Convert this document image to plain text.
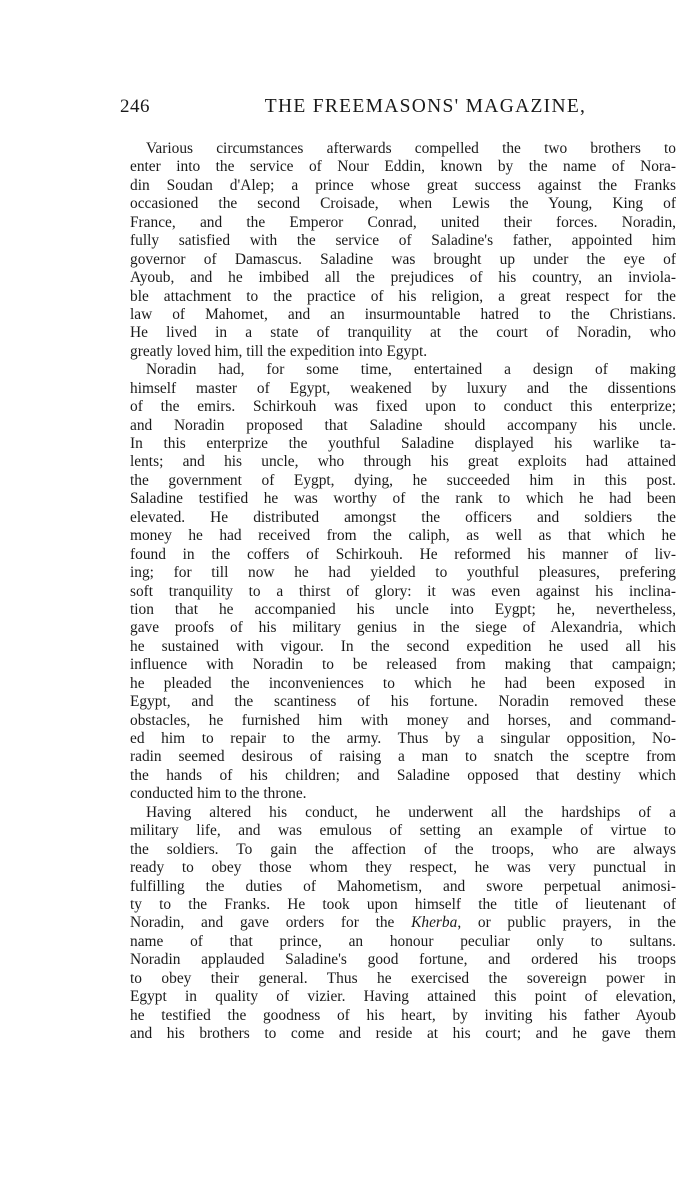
246	THE FREEMASONS' MAGAZINE,
Various circumstances afterwards compelled the two brothers to
enter into the service of Nour Eddin, known by the name of Nora-
din Soudan d'Alep; a prince whose great success against the Franks
occasioned the second Croisade, when Lewis the Young, King of
France, and the Emperor Conrad, united their forces. Noradin,
fully satisfied with the service of Saladine's father, appointed him
governor of Damascus. Saladine was brought up under the eye of
Ayoub, and he imbibed all the prejudices of his country, an inviola-
ble attachment to the practice of his religion, a great respect for the
law of Mahomet, and an insurmountable hatred to the Christians.
He lived in a state of tranquility at the court of Noradin, who
greatly loved him, till the expedition into Egypt.
Noradin had, for some time, entertained a design of making
himself master of Egypt, weakened by luxury and the dissentions
of the emirs. Schirkouh was fixed upon to conduct this enterprize;
and Noradin proposed that Saladine should accompany his uncle.
In this enterprize the youthful Saladine displayed his warlike ta-
lents; and his uncle, who through his great exploits had attained
the government of Eygpt, dying, he succeeded him in this post.
Saladine testified he was worthy of the rank to which he had been
elevated. He distributed amongst the officers and soldiers the
money he had received from the caliph, as well as that which he
found in the coffers of Schirkouh. He reformed his manner of liv-
ing; for till now he had yielded to youthful pleasures, prefering
soft tranquility to a thirst of glory: it was even against his inclina-
tion that he accompanied his uncle into Eygpt; he, nevertheless,
gave proofs of his military genius in the siege of Alexandria, which
he sustained with vigour. In the second expedition he used all his
influence with Noradin to be released from making that campaign;
he pleaded the inconveniences to which he had been exposed in
Egypt, and the scantiness of his fortune. Noradin removed these
obstacles, he furnished him with money and horses, and command-
ed him to repair to the army. Thus by a singular opposition, No-
radin seemed desirous of raising a man to snatch the sceptre from
the hands of his children; and Saladine opposed that destiny which
conducted him to the throne.
Having altered his conduct, he underwent all the hardships of a
military life, and was emulous of setting an example of virtue to
the soldiers. To gain the affection of the troops, who are always
ready to obey those whom they respect, he was very punctual in
fulfilling the duties of Mahometism, and swore perpetual animosi-
ty to the Franks. He took upon himself the title of lieutenant of
Noradin, and gave orders for the Kherba, or public prayers, in the
name of that prince, an honour peculiar only to sultans.
Noradin applauded Saladine's good fortune, and ordered his troops
to obey their general. Thus he exercised the sovereign power in
Egypt in quality of vizier. Having attained this point of elevation,
he testified the goodness of his heart, by inviting his father Ayoub
and his brothers to come and reside at his court; and he gave them
